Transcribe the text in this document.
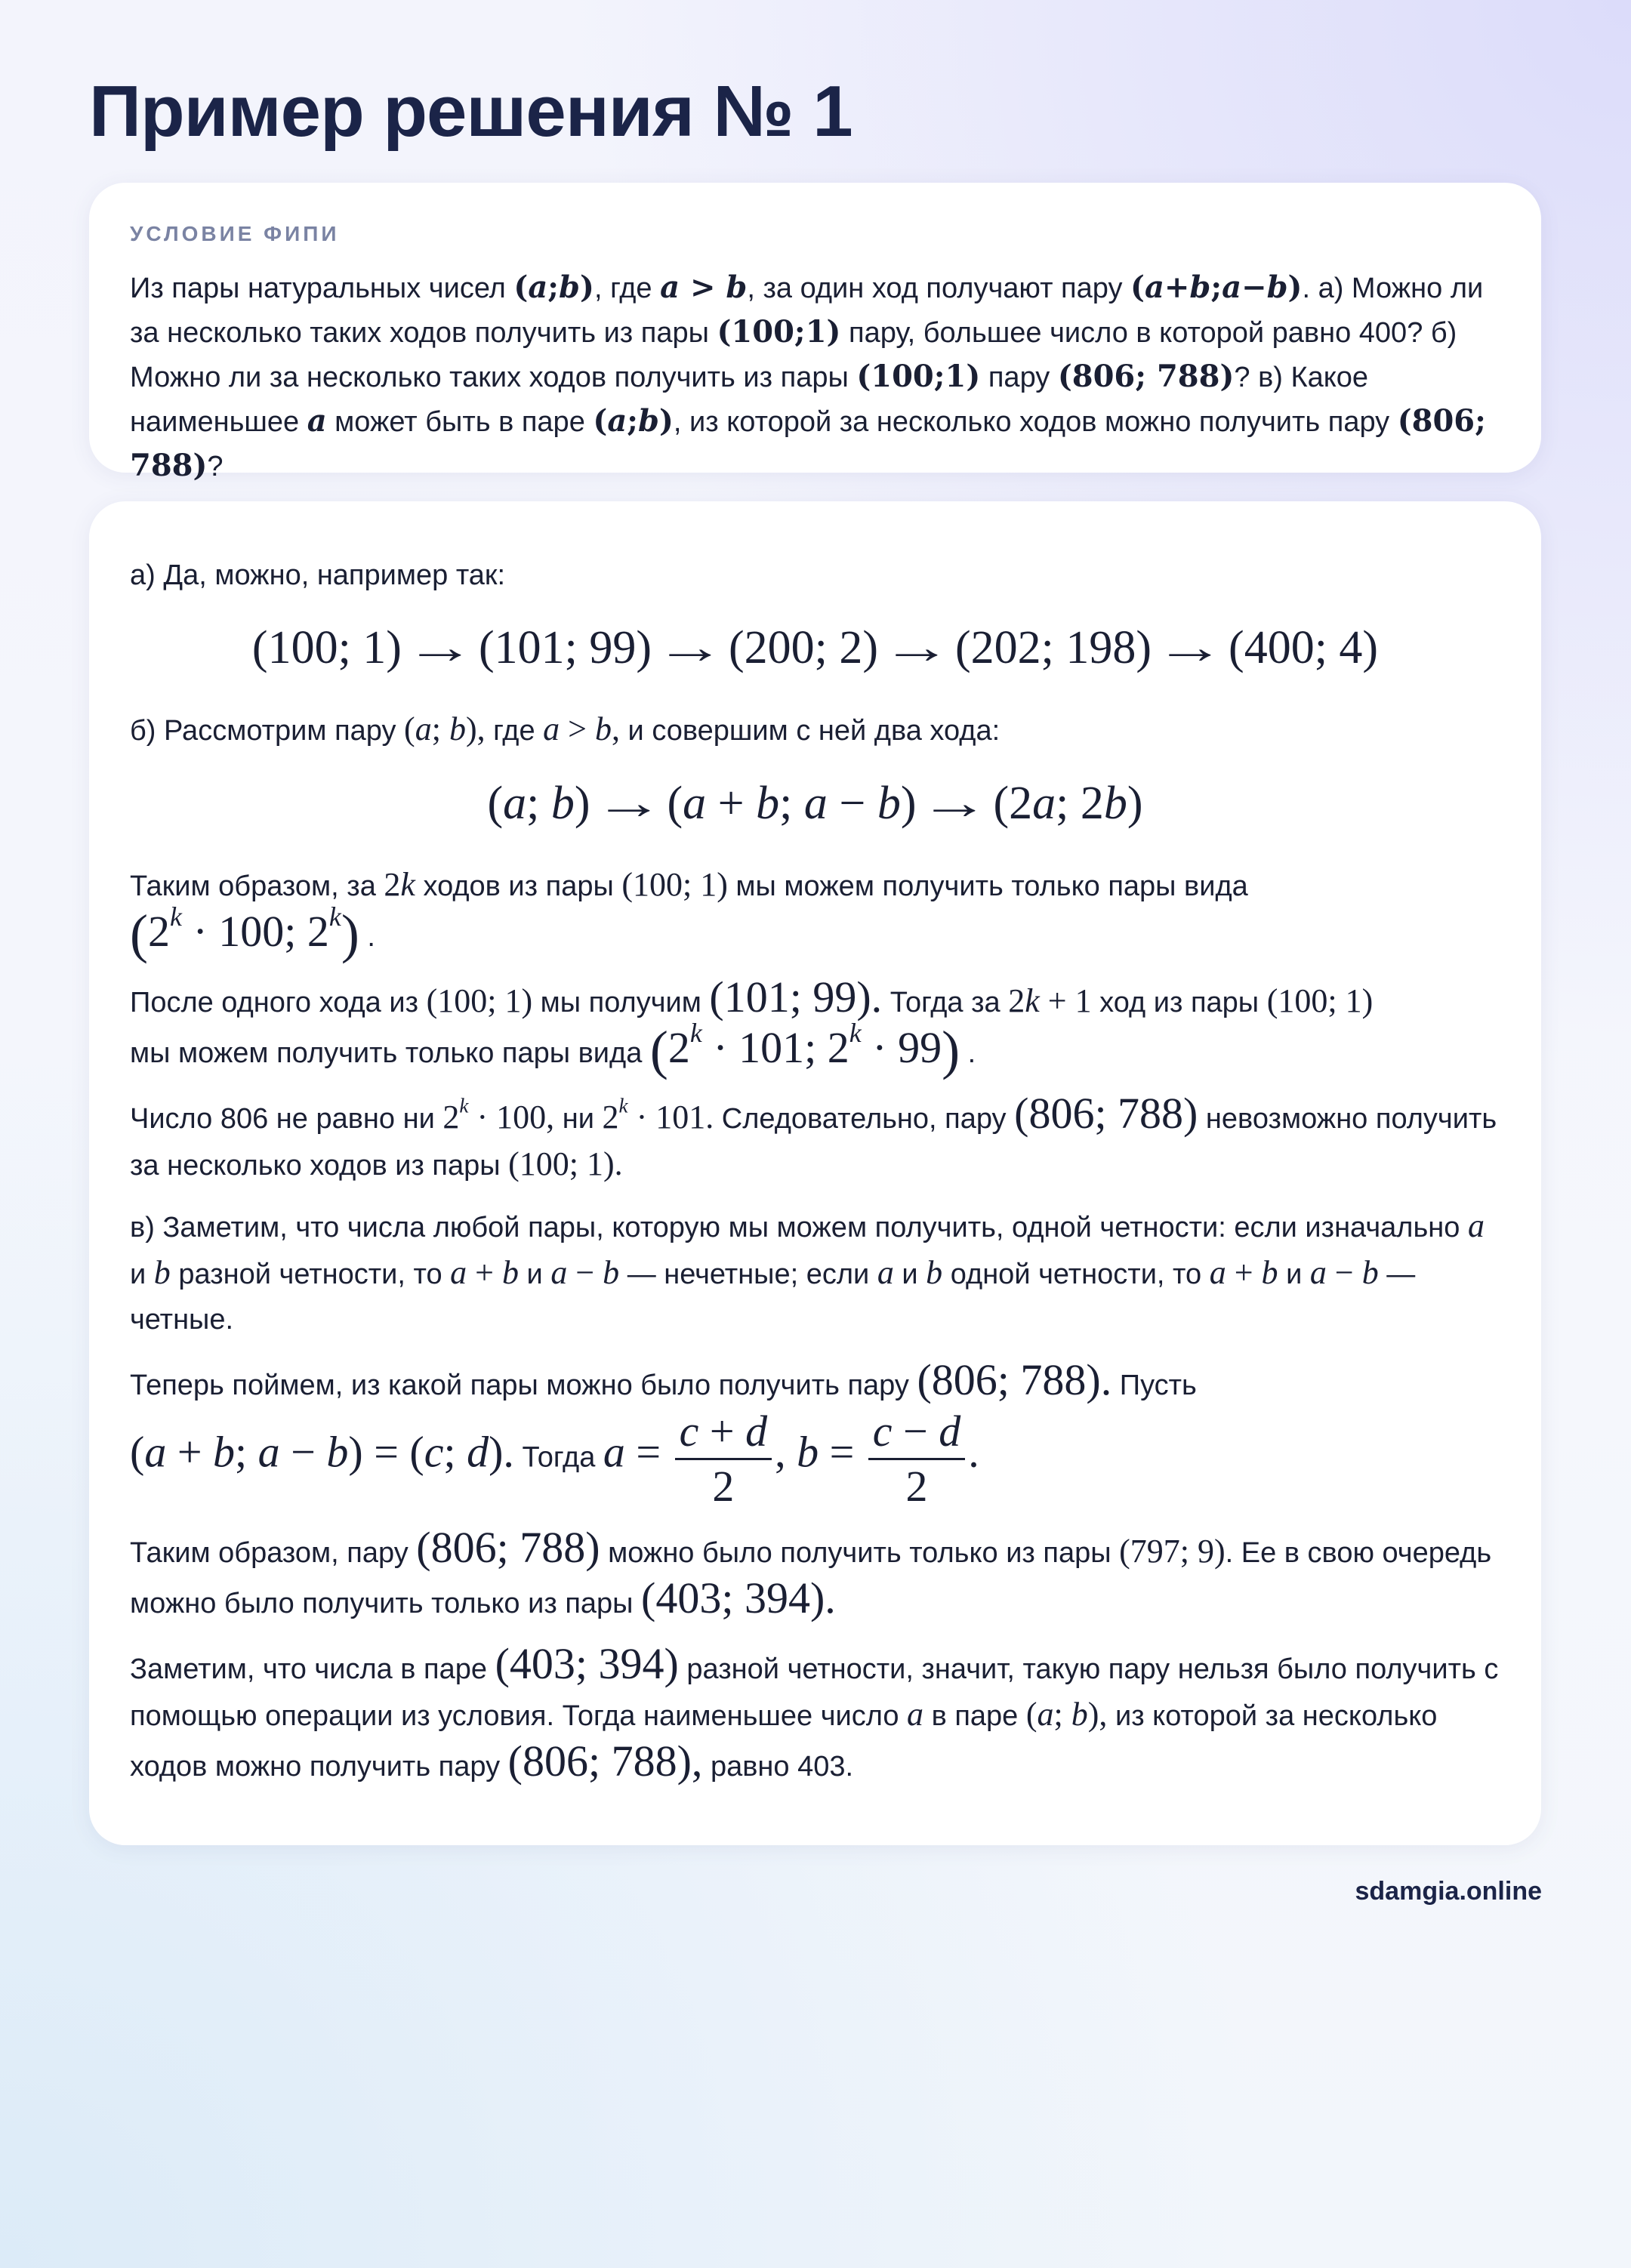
Пример решения № 1
УСЛОВИЕ ФИПИ

Из пары натуральных чисел (a;b), где a > b, за один ход получают пару (a+b;a−b). а) Можно ли за несколько таких ходов получить из пары (100;1) пару, большее число в которой равно 400? б) Можно ли за несколько таких ходов получить из пары (100;1) пару (806; 788)? в) Какое наименьшее a может быть в паре (a;b), из которой за несколько ходов можно получить пару (806; 788)?

а) Да, можно, например так:

(100; 1)→(101; 99)→(200; 2)→(202; 198)→(400; 4)

б) Рассмотрим пару (a; b), где a > b, и совершим с ней два хода:

(a; b)→(a + b; a − b)→(2a; 2b)

Таким образом, за 2k ходов из пары (100; 1) мы можем получить только пары вида
($2^k \cdot 100$; 2$^k$) .

После одного хода из (100; 1) мы получим (101; 99). Тогда за 2k + 1 ход из пары (100; 1)
мы можем получить только пары вида ($2^k \cdot 101$; $2^k \cdot 99$) .

Число 806 не равно ни $2^k \cdot 100$, ни $2^k \cdot 101$. Следовательно, пару (806; 788) невозможно получить за несколько ходов из пары (100; 1).

в) Заметим, что числа любой пары, которую мы можем получить, одной четности: если изначально a и b разной четности, то a + b и a − b — нечетные; если a и b одной четности, то a + b и a − b — четные.

Теперь поймем, из какой пары можно было получить пару (806; 788). Пусть
(a + b; a − b) = (c; d). Тогда $a = \frac{c + d}{2}$ , $b = \frac{c - d}{2}$ .

Таким образом, пару (806; 788) можно было получить только из пары (797; 9). Ее в свою очередь можно было получить только из пары (403; 394).

Заметим, что числа в паре (403; 394) разной четности, значит, такую пару нельзя было получить с помощью операции из условия. Тогда наименьшее число a в паре (a; b), из которой за несколько ходов можно получить пару (806; 788), равно 403.

sdamgia.online
